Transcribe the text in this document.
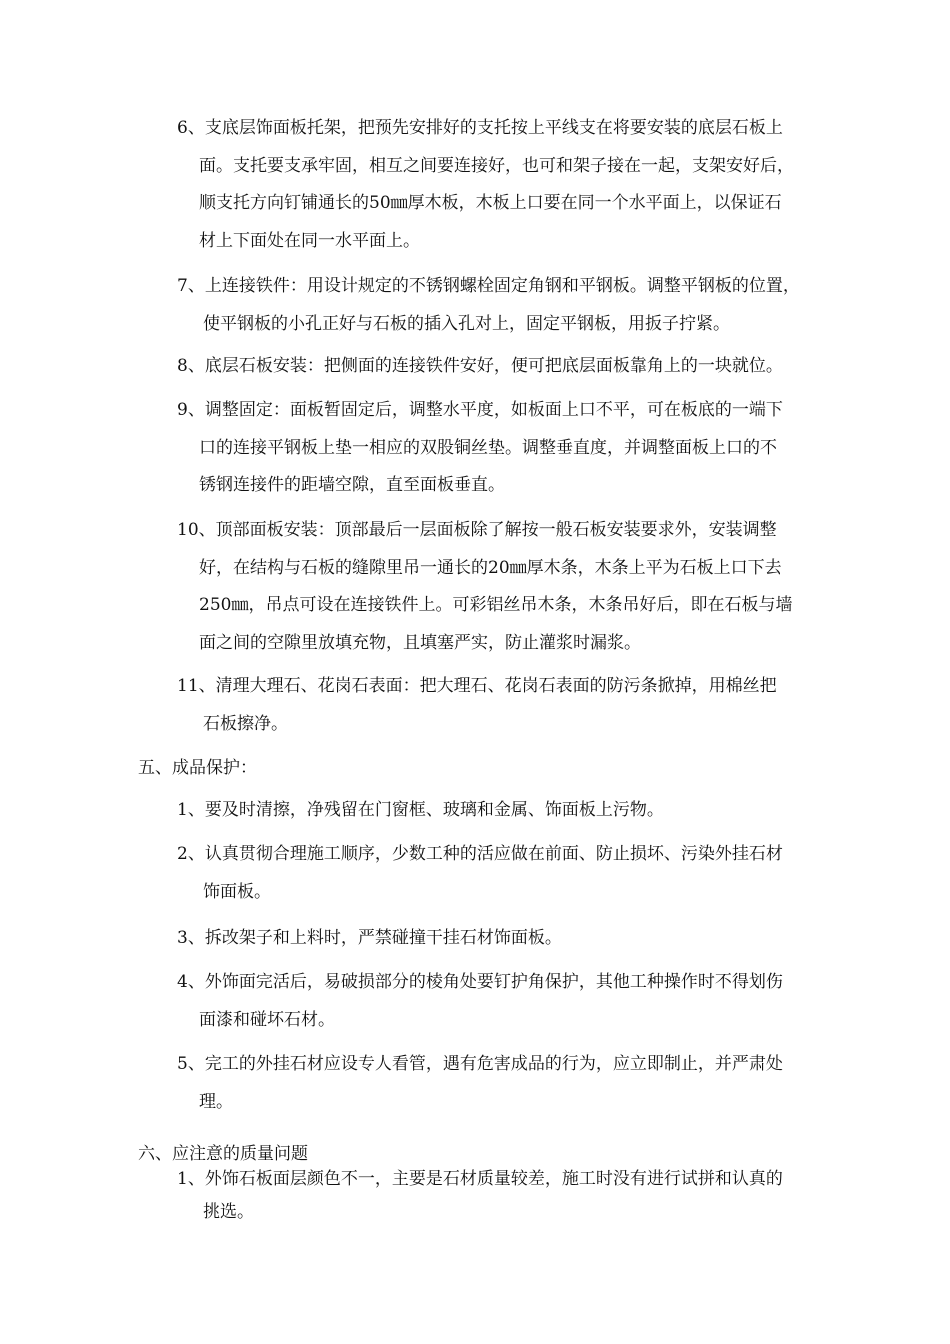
6、支底层饰面板托架，把预先安排好的支托按上平线支在将要安装的底层石板上
面。支托要支承牢固，相互之间要连接好，也可和架子接在一起，支架安好后，
顺支托方向钉铺通长的50㎜厚木板，木板上口要在同一个水平面上，以保证石
材上下面处在同一水平面上。
7、上连接铁件：用设计规定的不锈钢螺栓固定角钢和平钢板。调整平钢板的位置，
使平钢板的小孔正好与石板的插入孔对上，固定平钢板，用扳子拧紧。
8、底层石板安装：把侧面的连接铁件安好，便可把底层面板靠角上的一块就位。
9、调整固定：面板暂固定后，调整水平度，如板面上口不平，可在板底的一端下
口的连接平钢板上垫一相应的双股铜丝垫。调整垂直度，并调整面板上口的不
锈钢连接件的距墙空隙，直至面板垂直。
10、顶部面板安装：顶部最后一层面板除了解按一般石板安装要求外，安装调整
好，在结构与石板的缝隙里吊一通长的20㎜厚木条，木条上平为石板上口下去
250㎜，吊点可设在连接铁件上。可彩铝丝吊木条，木条吊好后，即在石板与墙
面之间的空隙里放填充物，且填塞严实，防止灌浆时漏浆。
11、清理大理石、花岗石表面：把大理石、花岗石表面的防污条掀掉，用棉丝把
石板擦净。
五、成品保护：
1、要及时清擦，净残留在门窗框、玻璃和金属、饰面板上污物。
2、认真贯彻合理施工顺序，少数工种的活应做在前面、防止损坏、污染外挂石材
饰面板。
3、拆改架子和上料时，严禁碰撞干挂石材饰面板。
4、外饰面完活后，易破损部分的棱角处要钉护角保护，其他工种操作时不得划伤
面漆和碰坏石材。
5、完工的外挂石材应设专人看管，遇有危害成品的行为，应立即制止，并严肃处
理。
六、应注意的质量问题
1、外饰石板面层颜色不一，主要是石材质量较差，施工时没有进行试拼和认真的
挑选。
